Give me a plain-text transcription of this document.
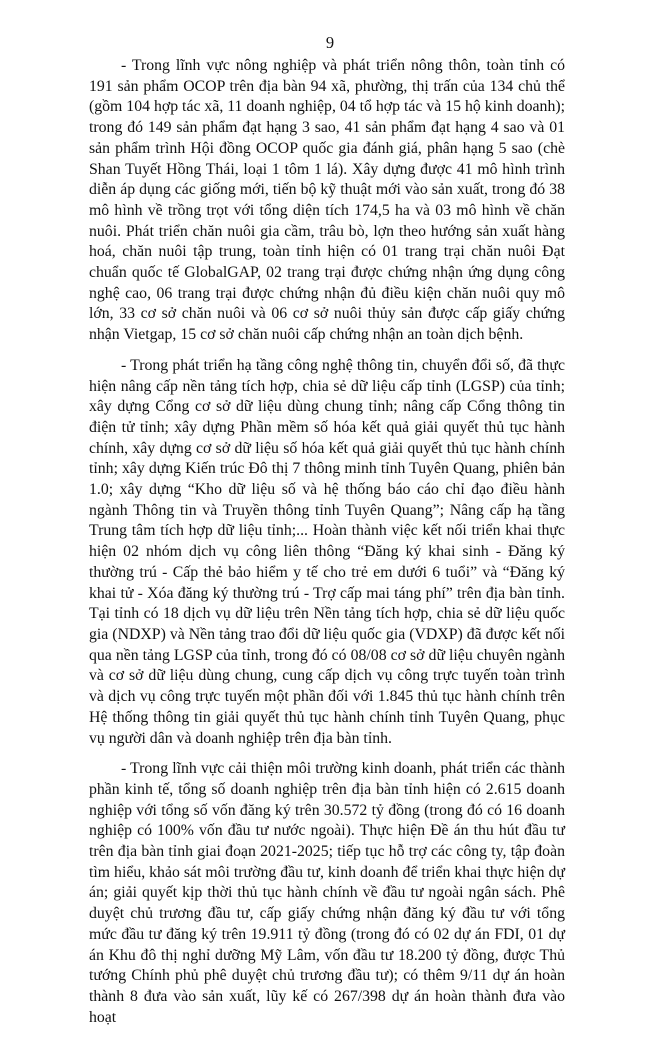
9

- Trong lĩnh vực nông nghiệp và phát triển nông thôn, toàn tỉnh có 191 sản phẩm OCOP trên địa bàn 94 xã, phường, thị trấn của 134 chủ thể (gồm 104 hợp tác xã, 11 doanh nghiệp, 04 tổ hợp tác và 15 hộ kinh doanh); trong đó 149 sản phẩm đạt hạng 3 sao, 41 sản phẩm đạt hạng 4 sao và 01 sản phẩm trình Hội đồng OCOP quốc gia đánh giá, phân hạng 5 sao (chè Shan Tuyết Hồng Thái, loại 1 tôm 1 lá). Xây dựng được 41 mô hình trình diễn áp dụng các giống mới, tiến bộ kỹ thuật mới vào sản xuất, trong đó 38 mô hình về trồng trọt với tổng diện tích 174,5 ha và 03 mô hình về chăn nuôi. Phát triển chăn nuôi gia cầm, trâu bò, lợn theo hướng sản xuất hàng hoá, chăn nuôi tập trung, toàn tỉnh hiện có 01 trang trại chăn nuôi Đạt chuẩn quốc tế GlobalGAP, 02 trang trại được chứng nhận ứng dụng công nghệ cao, 06 trang trại được chứng nhận đủ điều kiện chăn nuôi quy mô lớn, 33 cơ sở chăn nuôi và 06 cơ sở nuôi thủy sản được cấp giấy chứng nhận Vietgap, 15 cơ sở chăn nuôi cấp chứng nhận an toàn dịch bệnh.

- Trong phát triển hạ tầng công nghệ thông tin, chuyển đổi số, đã thực hiện nâng cấp nền tảng tích hợp, chia sẻ dữ liệu cấp tỉnh (LGSP) của tỉnh; xây dựng Cổng cơ sở dữ liệu dùng chung tỉnh; nâng cấp Cổng thông tin điện tử tỉnh; xây dựng Phần mềm số hóa kết quả giải quyết thủ tục hành chính, xây dựng cơ sở dữ liệu số hóa kết quả giải quyết thủ tục hành chính tỉnh; xây dựng Kiến trúc Đô thị 7 thông minh tỉnh Tuyên Quang, phiên bản 1.0; xây dựng “Kho dữ liệu số và hệ thống báo cáo chỉ đạo điều hành ngành Thông tin và Truyền thông tỉnh Tuyên Quang”; Nâng cấp hạ tầng Trung tâm tích hợp dữ liệu tỉnh;... Hoàn thành việc kết nối triển khai thực hiện 02 nhóm dịch vụ công liên thông “Đăng ký khai sinh - Đăng ký thường trú - Cấp thẻ bảo hiểm y tế cho trẻ em dưới 6 tuổi” và “Đăng ký khai tử - Xóa đăng ký thường trú - Trợ cấp mai táng phí” trên địa bàn tỉnh. Tại tỉnh có 18 dịch vụ dữ liệu trên Nền tảng tích hợp, chia sẻ dữ liệu quốc gia (NDXP) và Nền tảng trao đổi dữ liệu quốc gia (VDXP) đã được kết nối qua nền tảng LGSP của tỉnh, trong đó có 08/08 cơ sở dữ liệu chuyên ngành và cơ sở dữ liệu dùng chung, cung cấp dịch vụ công trực tuyến toàn trình và dịch vụ công trực tuyến một phần đối với 1.845 thủ tục hành chính trên Hệ thống thông tin giải quyết thủ tục hành chính tỉnh Tuyên Quang, phục vụ người dân và doanh nghiệp trên địa bàn tỉnh.

- Trong lĩnh vực cải thiện môi trường kinh doanh, phát triển các thành phần kinh tế, tổng số doanh nghiệp trên địa bàn tỉnh hiện có 2.615 doanh nghiệp với tổng số vốn đăng ký trên 30.572 tỷ đồng (trong đó có 16 doanh nghiệp có 100% vốn đầu tư nước ngoài). Thực hiện Đề án thu hút đầu tư trên địa bàn tỉnh giai đoạn 2021-2025; tiếp tục hỗ trợ các công ty, tập đoàn tìm hiểu, khảo sát môi trường đầu tư, kinh doanh để triển khai thực hiện dự án; giải quyết kịp thời thủ tục hành chính về đầu tư ngoài ngân sách. Phê duyệt chủ trương đầu tư, cấp giấy chứng nhận đăng ký đầu tư với tổng mức đầu tư đăng ký trên 19.911 tỷ đồng (trong đó có 02 dự án FDI, 01 dự án Khu đô thị nghỉ dưỡng Mỹ Lâm, vốn đầu tư 18.200 tỷ đồng, được Thủ tướng Chính phủ phê duyệt chủ trương đầu tư); có thêm 9/11 dự án hoàn thành 8 đưa vào sản xuất, lũy kế có 267/398 dự án hoàn thành đưa vào hoạt
